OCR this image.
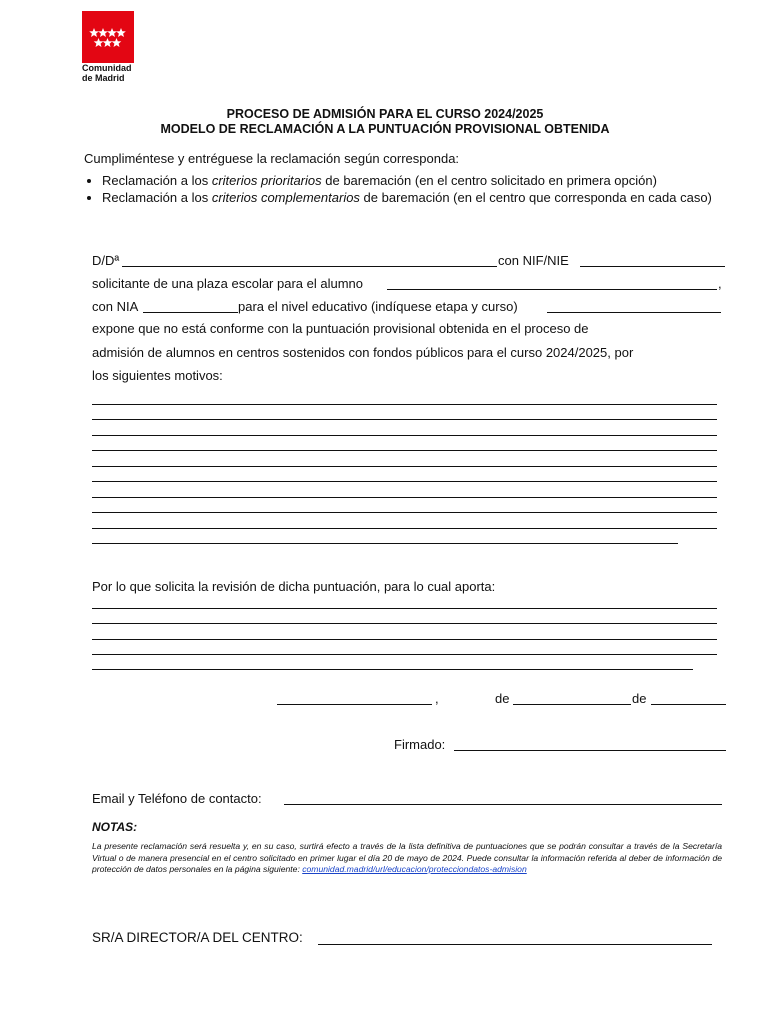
Comunidad
de Madrid
PROCESO DE ADMISIÓN PARA EL CURSO 2024/2025
MODELO DE RECLAMACIÓN A LA PUNTUACIÓN PROVISIONAL OBTENIDA
Cumpliméntese y entréguese la reclamación según corresponda:
• Reclamación a los criterios prioritarios de baremación (en el centro solicitado en primera opción)
• Reclamación a los criterios complementarios de baremación (en el centro que corresponda en cada caso)
D/Dª	con NIF/NIE
solicitante de una plaza escolar para el alumno	,
con NIA	para el nivel educativo (indíquese etapa y curso)
expone que no está conforme con la puntuación provisional obtenida en el proceso de
admisión de alumnos en centros sostenidos con fondos públicos para el curso 2024/2025, por
los siguientes motivos:
Por lo que solicita la revisión de dicha puntuación, para lo cual aporta:
,	de	de
Firmado:
Email y Teléfono de contacto:
NOTAS:
La presente reclamación será resuelta y, en su caso, surtirá efecto a través de la lista definitiva de puntuaciones que se podrán consultar a través de la Secretaría Virtual o de manera presencial en el centro solicitado en primer lugar el día 20 de mayo de 2024. Puede consultar la información referida al deber de información de protección de datos personales en la página siguiente: comunidad.madrid/url/educacion/protecciondatos-admision
SR/A DIRECTOR/A DEL CENTRO:
